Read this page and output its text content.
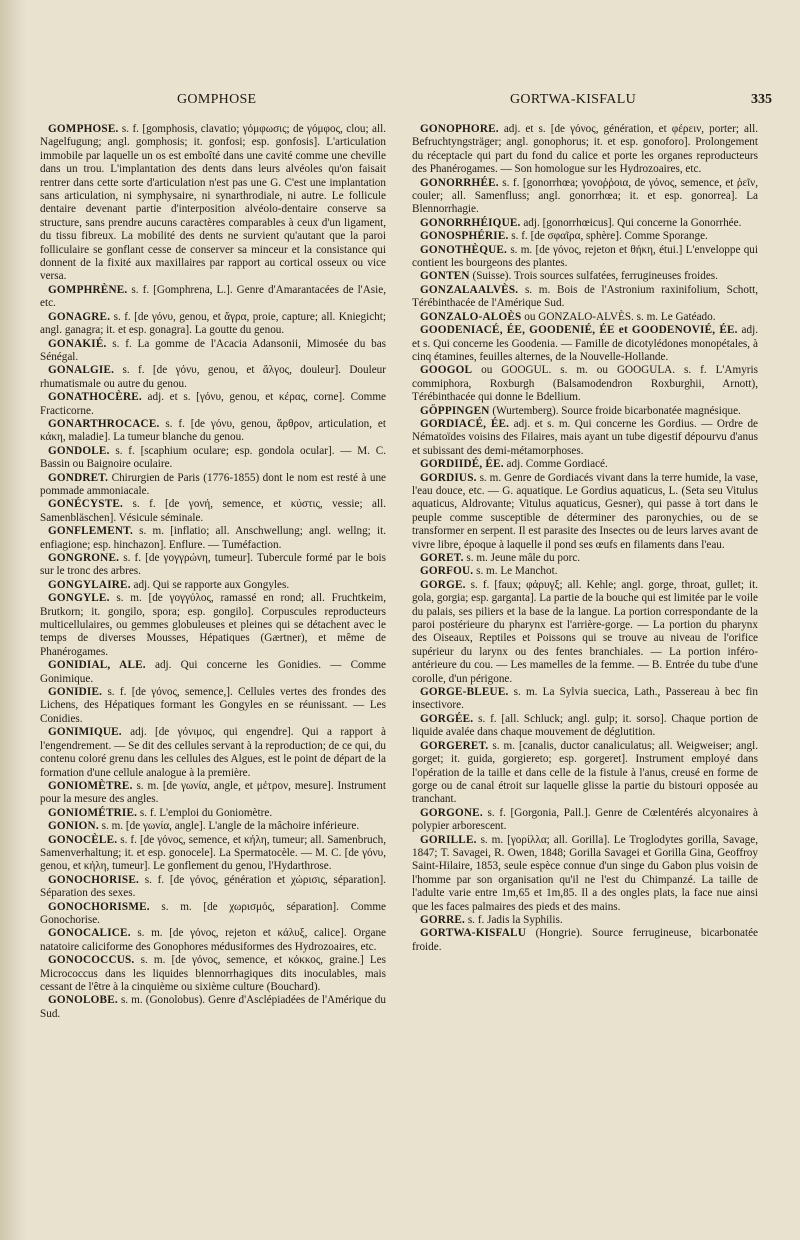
GOMPHOSE	GORTWA-KISFALU	335

GOMPHOSE. s. f. [gomphosis, clavatio; γόμφωσις; de γόμφος, clou; all. Nagelfugung; angl. gomphosis; it. gonfosi; esp. gonfosis]. L'articulation immobile par laquelle un os est emboîté dans une cavité comme une cheville dans un trou. L'implantation des dents dans leurs alvéoles qu'on faisait rentrer dans cette sorte d'articulation n'est pas une G. C'est une implantation sans articulation, ni symphysaire, ni synarthrodiale, ni autre. Le follicule dentaire devenant partie d'interposition alvéolo-dentaire conserve sa structure, sans prendre aucuns caractères comparables à ceux d'un ligament, du tissu fibreux. La mobilité des dents ne survient qu'autant que la paroi folliculaire se gonflant cesse de conserver sa minceur et la consistance qui donnent de la fixité aux maxillaires par rapport au cortical osseux ou vice versa.

GOMPHRÈNE. s. f. [Gomphrena, L.]. Genre d'Amarantacées de l'Asie, etc.

GONAGRE. s. f. [de γόνυ, genou, et ἄγρα, proie, capture; all. Kniegicht; angl. ganagra; it. et esp. gonagra]. La goutte du genou.

GONAKIÉ. s. f. La gomme de l'Acacia Adansonii, Mimosée du bas Sénégal.

GONALGIE. s. f. [de γόνυ, genou, et ἄλγος, douleur]. Douleur rhumatismale ou autre du genou.

GONATHOCÈRE. adj. et s. [γόνυ, genou, et κέρας, corne]. Comme Fracticorne.

GONARTHROCACE. s. f. [de γόνυ, genou, ἄρθρον, articulation, et κάκη, maladie]. La tumeur blanche du genou.

GONDOLE. s. f. [scaphium oculare; esp. gondola ocular]. — M. C. Bassin ou Baignoire oculaire.

GONDRET. Chirurgien de Paris (1776-1855) dont le nom est resté à une pommade ammoniacale.

GONÉCYSTE. s. f. [de γονή, semence, et κύστις, vessie; all. Samenbläschen]. Vésicule séminale.

GONFLEMENT. s. m. [inflatio; all. Anschwellung; angl. wellng; it. enfiagione; esp. hinchazon]. Enflure. — Tuméfaction.

GONGRONE. s. f. [de γογγρώνη, tumeur]. Tubercule formé par le bois sur le tronc des arbres.

GONGYLAIRE. adj. Qui se rapporte aux Gongyles.

GONGYLE. s. m. [de γογγύλος, ramassé en rond; all. Fruchtkeim, Brutkorn; it. gongilo, spora; esp. gongilo]. Corpuscules reproducteurs multicellulaires, ou gemmes globuleuses et pleines qui se détachent avec le temps de diverses Mousses, Hépatiques (Gærtner), et même de Phanérogames.

GONIDIAL, ALE. adj. Qui concerne les Gonidies. — Comme Gonimique.

GONIDIE. s. f. [de γόνος, semence,]. Cellules vertes des frondes des Lichens, des Hépatiques formant les Gongyles en se réunissant. — Les Conidies.

GONIMIQUE. adj. [de γόνιμος, qui engendre]. Qui a rapport à l'engendrement. — Se dit des cellules servant à la reproduction; de ce qui, du contenu coloré grenu dans les cellules des Algues, est le point de départ de la formation d'une cellule analogue à la première.

GONIOMÈTRE. s. m. [de γωνία, angle, et μέτρον, mesure]. Instrument pour la mesure des angles.

GONIOMÉTRIE. s. f. L'emploi du Goniomètre.

GONION. s. m. [de γωνία, angle]. L'angle de la mâchoire inférieure.

GONOCÈLE. s. f. [de γόνος, semence, et κήλη, tumeur; all. Samenbruch, Samenverhaltung; it. et esp. gonocele]. La Spermatocèle. — M. C. [de γόνυ, genou, et κήλη, tumeur]. Le gonflement du genou, l'Hydarthrose.

GONOCHORISE. s. f. [de γόνος, génération et χώρισις, séparation]. Séparation des sexes.

GONOCHORISME. s. m. [de χωρισμός, séparation]. Comme Gonochorise.

GONOCALICE. s. m. [de γόνος, rejeton et κάλυξ, calice]. Organe natatoire caliciforme des Gonophores médusiformes des Hydrozoaires, etc.

GONOCOCCUS. s. m. [de γόνος, semence, et κόκκος, graine.] Les Micrococcus dans les liquides blennorrhagiques dits inoculables, mais cessant de l'être à la cinquième ou sixième culture (Bouchard).

GONOLOBE. s. m. (Gonolobus). Genre d'Asclépiadées de l'Amérique du Sud.

GONOPHORE. adj. et s. [de γόνος, génération, et φέρειν, porter; all. Befruchtyngsträger; angl. gonophorus; it. et esp. gonoforo]. Prolongement du réceptacle qui part du fond du calice et porte les organes reproducteurs des Phanérogames. — Son homologue sur les Hydrozoaires, etc.

GONORRHÉE. s. f. [gonorrhœa; γονοῤῥοια, de γόνος, semence, et ῥεῖν, couler; all. Samenfluss; angl. gonorrhœa; it. et esp. gonorrea]. La Blennorrhagie.

GONORRHÉIQUE. adj. [gonorrhœicus]. Qui concerne la Gonorrhée.

GONOSPHÉRIE. s. f. [de σφαῖρα, sphère]. Comme Sporange.

GONOTHÈQUE. s. m. [de γόνος, rejeton et θήκη, étui.] L'enveloppe qui contient les bourgeons des plantes.

GONTEN (Suisse). Trois sources sulfatées, ferrugineuses froides.

GONZALAALVÈS. s. m. Bois de l'Astronium raxinifolium, Schott, Térébinthacée de l'Amérique Sud.

GONZALO-ALOÈS ou GONZALO-ALVÈS. s. m. Le Gatéado.

GOODENIACÉ, ÉE, GOODENIÉ, ÉE et GOODENOVIÉ, ÉE. adj. et s. Qui concerne les Goodenia. — Famille de dicotylédones monopétales, à cinq étamines, feuilles alternes, de la Nouvelle-Hollande.

GOOGOL ou GOOGUL. s. m. ou GOOGULA. s. f. L'Amyris commiphora, Roxburgh (Balsamodendron Roxburghii, Arnott), Térébinthacée qui donne le Bdellium.

GÖPPINGEN (Wurtemberg). Source froide bicarbonatée magnésique.

GORDIACÉ, ÉE. adj. et s. m. Qui concerne les Gordius. — Ordre de Nématoïdes voisins des Filaires, mais ayant un tube digestif dépourvu d'anus et subissant des demi-métamorphoses.

GORDIIDÉ, ÉE. adj. Comme Gordiacé.

GORDIUS. s. m. Genre de Gordiacés vivant dans la terre humide, la vase, l'eau douce, etc. — G. aquatique. Le Gordius aquaticus, L. (Seta seu Vitulus aquaticus, Aldrovante; Vitulus aquaticus, Gesner), qui passe à tort dans le peuple comme susceptible de déterminer des paronychies, ou de se transformer en serpent. Il est parasite des Insectes ou de leurs larves avant de vivre libre, époque à laquelle il pond ses œufs en filaments dans l'eau.

GORET. s. m. Jeune mâle du porc.

GORFOU. s. m. Le Manchot.

GORGE. s. f. [faux; φάρυγξ; all. Kehle; angl. gorge, throat, gullet; it. gola, gorgia; esp. garganta]. La partie de la bouche qui est limitée par le voile du palais, ses piliers et la base de la langue. La portion correspondante de la paroi postérieure du pharynx est l'arrière-gorge. — La portion du pharynx des Oiseaux, Reptiles et Poissons qui se trouve au niveau de l'orifice supérieur du larynx ou des fentes branchiales. — La portion inféro-antérieure du cou. — Les mamelles de la femme. — B. Entrée du tube d'une corolle, d'un périgone.

GORGE-BLEUE. s. m. La Sylvia suecica, Lath., Passereau à bec fin insectivore.

GORGÉE. s. f. [all. Schluck; angl. gulp; it. sorso]. Chaque portion de liquide avalée dans chaque mouvement de déglutition.

GORGERET. s. m. [canalis, ductor canaliculatus; all. Weigweiser; angl. gorget; it. guida, gorgiereto; esp. gorgeret]. Instrument employé dans l'opération de la taille et dans celle de la fistule à l'anus, creusé en forme de gorge ou de canal étroit sur laquelle glisse la partie du bistouri opposée au tranchant.

GORGONE. s. f. [Gorgonia, Pall.]. Genre de Cœlentérés alcyonaires à polypier arborescent.

GORILLE. s. m. [γορίλλα; all. Gorilla]. Le Troglodytes gorilla, Savage, 1847; T. Savagei, R. Owen, 1848; Gorilla Savagei et Gorilla Gina, Geoffroy Saint-Hilaire, 1853, seule espèce connue d'un singe du Gabon plus voisin de l'homme par son organisation qu'il ne l'est du Chimpanzé. La taille de l'adulte varie entre 1m,65 et 1m,85. Il a des ongles plats, la face nue ainsi que les faces palmaires des pieds et des mains.

GORRE. s. f. Jadis la Syphilis.

GORTWA-KISFALU (Hongrie). Source ferrugineuse, bicarbonatée froide.
